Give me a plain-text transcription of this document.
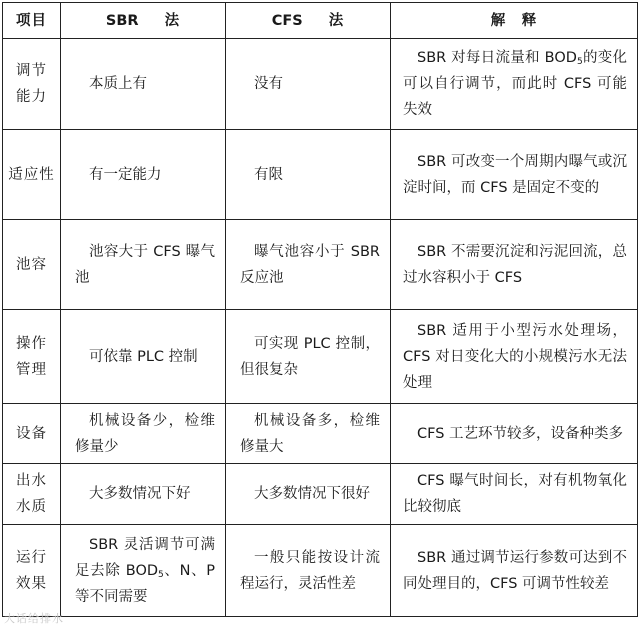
项目	SBR 法	CFS 法	解　释

调节
能力	本质上有	没有	SBR 对每日流量和 $BOD_5$的变化可以自行调节，而此时 CFS 可能失效
适应性	有一定能力	有限	SBR 可改变一个周期内曝气或沉淀时间，而 CFS 是固定不变的
池容	池容大于 CFS 曝气池	曝气池容小于 SBR 反应池	SBR 不需要沉淀和污泥回流，总过水容积小于 CFS

操作
管理	可依靠 PLC 控制	可实现 PLC 控制，但很复杂	SBR 适用于小型污水处理场，CFS 对日变化大的小规模污水无法处理
设备	机械设备少，检维修量少	机械设备多，检维修量大	CFS 工艺环节较多，设备种类多

出水
水质	大多数情况下好	大多数情况下很好	CFS 曝气时间长，对有机物氧化比较彻底

运行
效果	SBR 灵活调节可满足去除 $BOD_5$、N、P 等不同需要	一般只能按设计流程运行，灵活性差	SBR 通过调节运行参数可达到不同处理目的，CFS 可调节性较差
大话给排水
